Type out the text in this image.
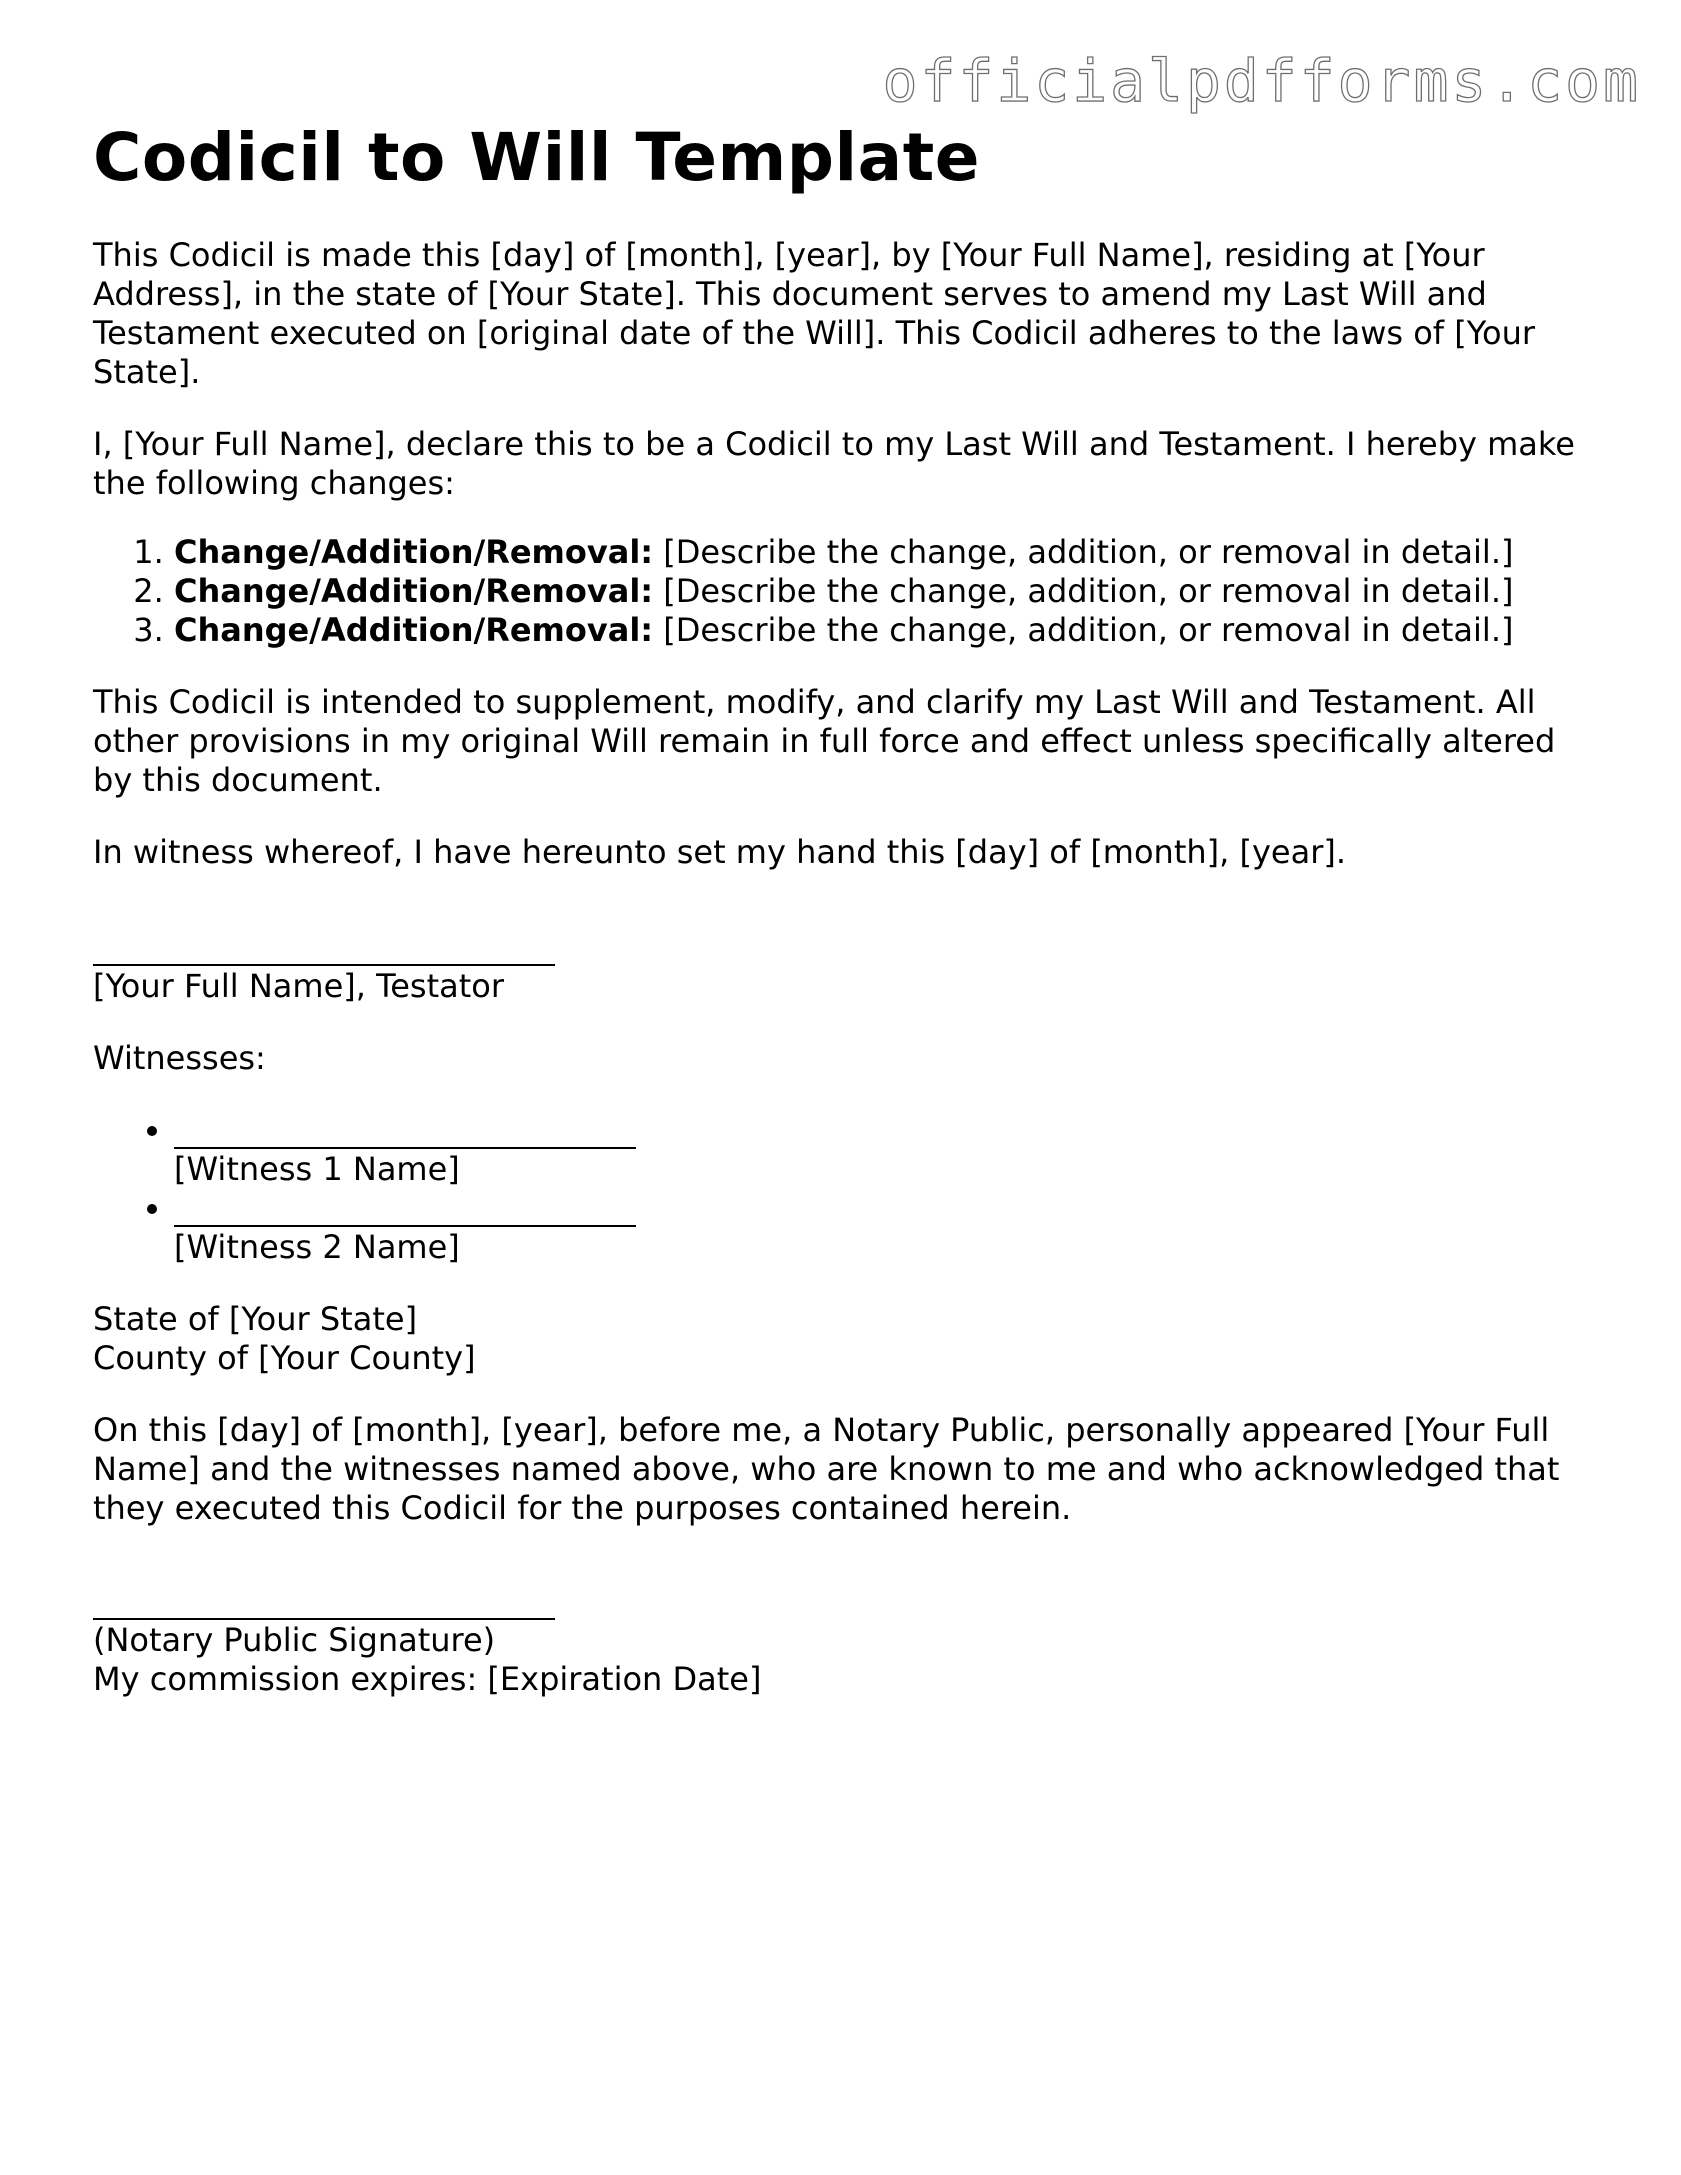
officialpdfforms.com
Codicil to Will Template

This Codicil is made this [day] of [month], [year], by [Your Full Name], residing at [Your Address], in the state of [Your State]. This document serves to amend my Last Will and Testament executed on [original date of the Will]. This Codicil adheres to the laws of [Your State].

I, [Your Full Name], declare this to be a Codicil to my Last Will and Testament. I hereby make the following changes:

1. Change/Addition/Removal: [Describe the change, addition, or removal in detail.]
2. Change/Addition/Removal: [Describe the change, addition, or removal in detail.]
3. Change/Addition/Removal: [Describe the change, addition, or removal in detail.]

This Codicil is intended to supplement, modify, and clarify my Last Will and Testament. All other provisions in my original Will remain in full force and effect unless specifically altered by this document.

In witness whereof, I have hereunto set my hand this [day] of [month], [year].

[Your Full Name], Testator

Witnesses:

• [Witness 1 Name]
• [Witness 2 Name]

State of [Your State]
County of [Your County]

On this [day] of [month], [year], before me, a Notary Public, personally appeared [Your Full Name] and the witnesses named above, who are known to me and who acknowledged that they executed this Codicil for the purposes contained herein.

(Notary Public Signature)
My commission expires: [Expiration Date]
